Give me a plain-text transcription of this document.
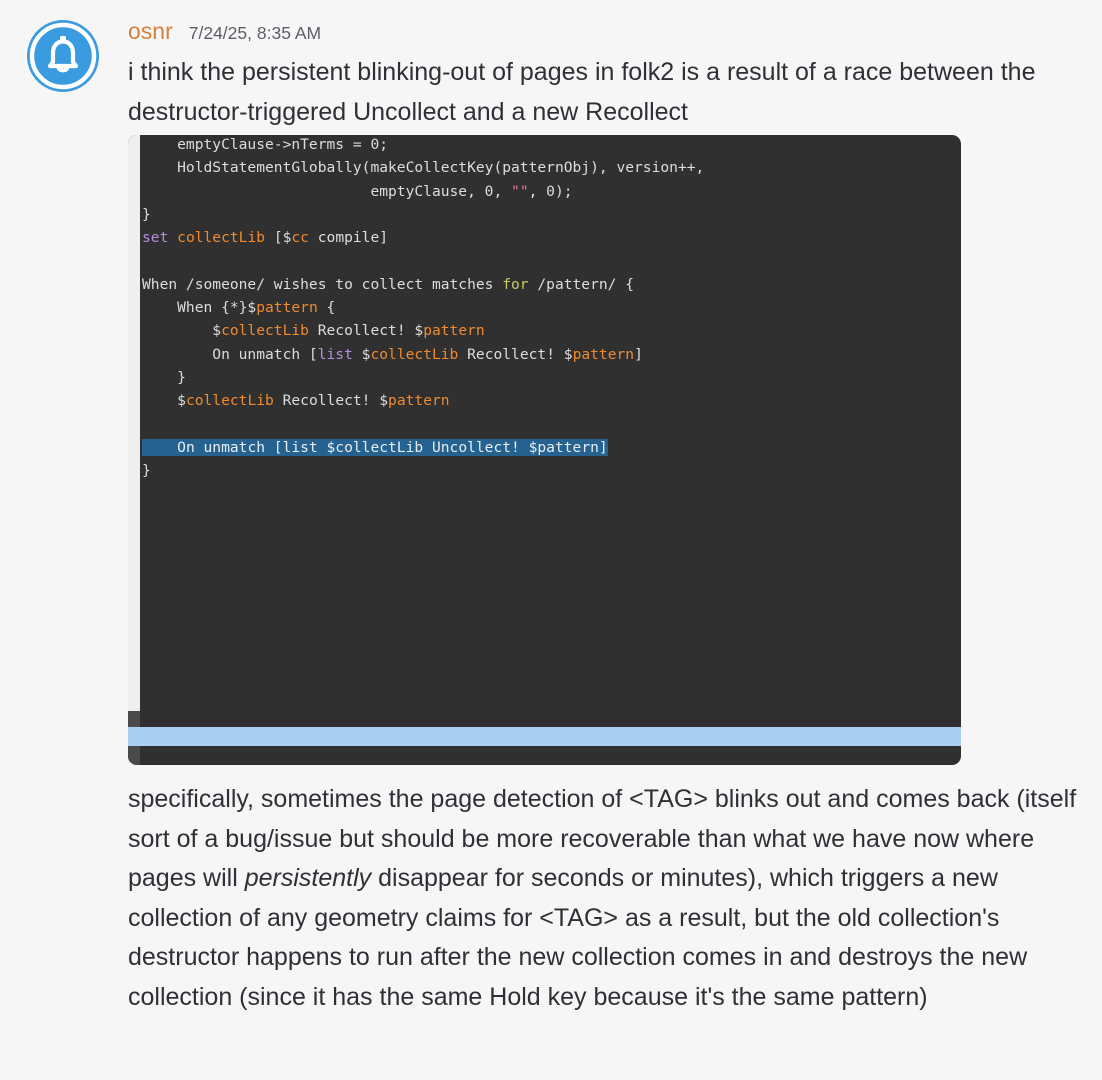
osnr 7/24/25, 8:35 AM

i think the persistent blinking-out of pages in folk2 is a result of a race between the destructor-triggered Uncollect and a new Recollect

emptyClause->nTerms = 0;
HoldStatementGlobally(makeCollectKey(patternObj), version++,
emptyClause, 0, "", 0);
}
set collectLib [$cc compile]
When /someone/ wishes to collect matches for /pattern/ {
When {*}$pattern {
$collectLib Recollect! $pattern
On unmatch [list $collectLib Recollect! $pattern]
}
$collectLib Recollect! $pattern
On unmatch [list $collectLib Uncollect! $pattern]
}

specifically, sometimes the page detection of <TAG> blinks out and comes back (itself sort of a bug/issue but should be more recoverable than what we have now where pages will persistently disappear for seconds or minutes), which triggers a new collection of any geometry claims for <TAG> as a result, but the old collection's destructor happens to run after the new collection comes in and destroys the new collection (since it has the same Hold key because it's the same pattern)
